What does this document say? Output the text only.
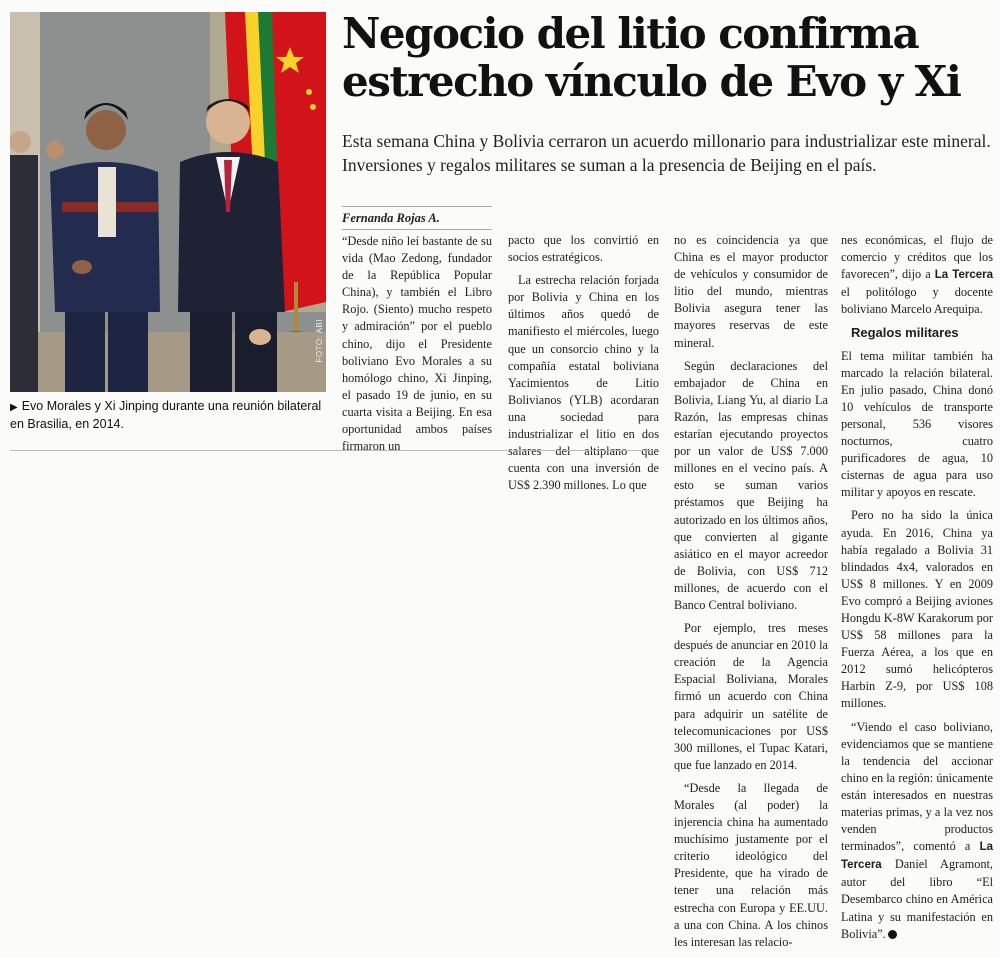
FOTO: ABI
▶ Evo Morales y Xi Jinping durante una reunión bilateral en Brasilia, en 2014.
Negocio del litio confirma estrecho vínculo de Evo y Xi

Esta semana China y Bolivia cerraron un acuerdo millonario para industrializar este mineral. Inversiones y regalos militares se suman a la presencia de Beijing en el país.

Fernanda Rojas A.

“Desde niño leí bastante de su vida (Mao Zedong, fundador de la República Popular China), y también el Libro Rojo. (Siento) mucho respeto y admiración” por el pueblo chino, dijo el Presidente boliviano Evo Morales a su homólogo chino, Xi Jinping, el pasado 19 de junio, en su cuarta visita a Beijing. En esa oportunidad ambos países firmaron un

pacto que los convirtió en socios estratégicos.

La estrecha relación forjada por Bolivia y China en los últimos años quedó de manifiesto el miércoles, luego que un consorcio chino y la compañía estatal boliviana Yacimientos de Litio Bolivianos (YLB) acordaran una sociedad para industrializar el litio en dos salares del altiplano que cuenta con una inversión de US$ 2.390 millones. Lo que

no es coincidencia ya que China es el mayor productor de vehículos y consumidor de litio del mundo, mientras Bolivia asegura tener las mayores reservas de este mineral.

Según declaraciones del embajador de China en Bolivia, Liang Yu, al diario La Razón, las empresas chinas estarían ejecutando proyectos por un valor de US$ 7.000 millones en el vecino país. A esto se suman varios préstamos que Beijing ha autorizado en los últimos años, que convierten al gigante asiático en el mayor acreedor de Bolivia, con US$ 712 millones, de acuerdo con el Banco Central boliviano.

Por ejemplo, tres meses después de anunciar en 2010 la creación de la Agencia Espacial Boliviana, Morales firmó un acuerdo con China para adquirir un satélite de telecomunicaciones por US$ 300 millones, el Tupac Katari, que fue lanzado en 2014.

“Desde la llegada de Morales (al poder) la injerencia china ha aumentado muchísimo justamente por el criterio ideológico del Presidente, que ha virado de tener una relación más estrecha con Europa y EE.UU. a una con China. A los chinos les interesan las relacio-

nes económicas, el flujo de comercio y créditos que los favorecen”, dijo a La Tercera el politólogo y docente boliviano Marcelo Arequipa.

Regalos militares

El tema militar también ha marcado la relación bilateral. En julio pasado, China donó 10 vehículos de transporte personal, 536 visores nocturnos, cuatro purificadores de agua, 10 cisternas de agua para uso militar y apoyos en rescate.

Pero no ha sido la única ayuda. En 2016, China ya había regalado a Bolivia 31 blindados 4x4, valorados en US$ 8 millones. Y en 2009 Evo compró a Beijing aviones Hongdu K-8W Karakorum por US$ 58 millones para la Fuerza Aérea, a los que en 2012 sumó helicópteros Harbin Z-9, por US$ 108 millones.

“Viendo el caso boliviano, evidenciamos que se mantiene la tendencia del accionar chino en la región: únicamente están interesados en nuestras materias primas, y a la vez nos venden productos terminados”, comentó a La Tercera Daniel Agramont, autor del libro “El Desembarco chino en América Latina y su manifestación en Bolivia”.
